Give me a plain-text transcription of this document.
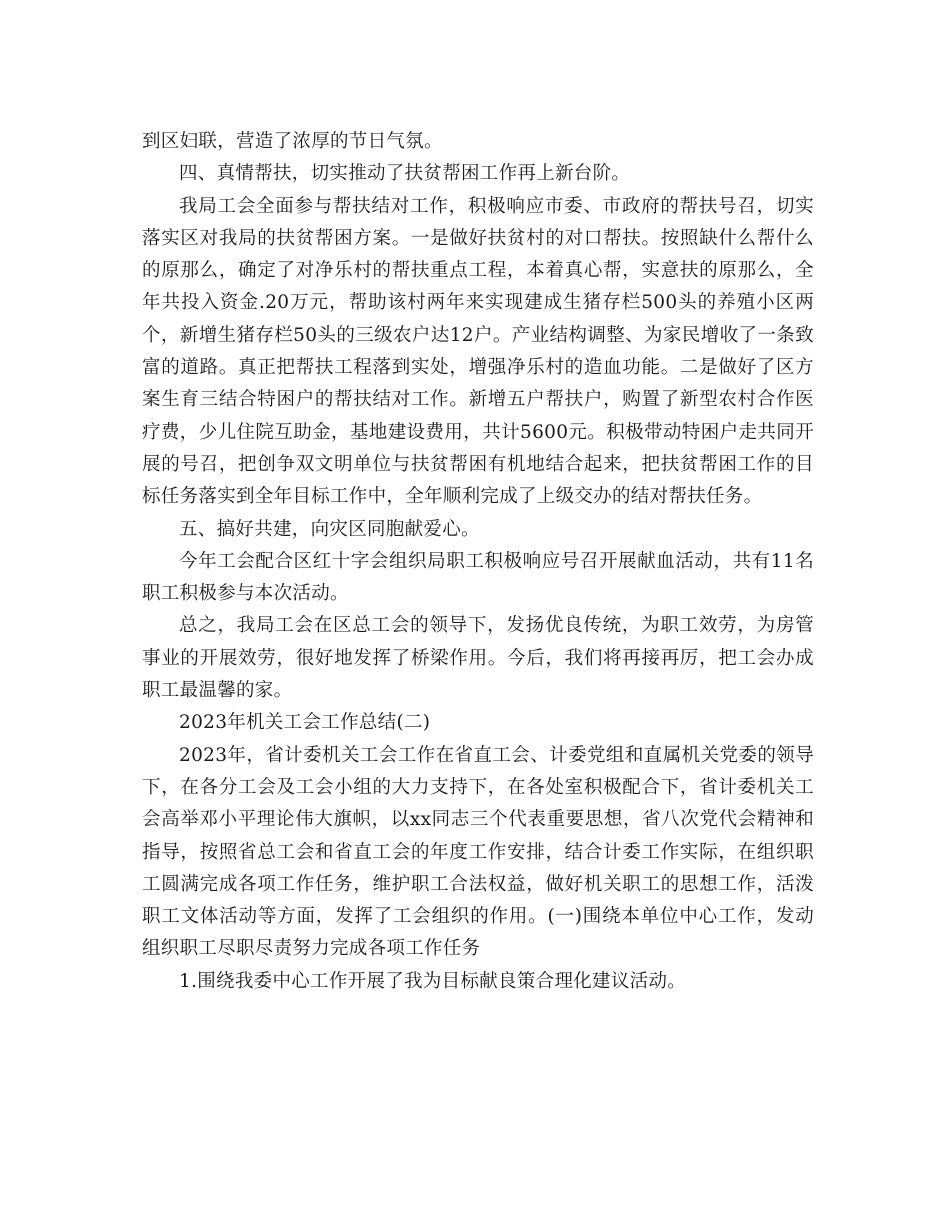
到区妇联，营造了浓厚的节日气氛。

四、真情帮扶，切实推动了扶贫帮困工作再上新台阶。

我局工会全面参与帮扶结对工作，积极响应市委、市政府的帮扶号召，切实落实区对我局的扶贫帮困方案。一是做好扶贫村的对口帮扶。按照缺什么帮什么的原那么，确定了对净乐村的帮扶重点工程，本着真心帮，实意扶的原那么，全年共投入资金.20万元，帮助该村两年来实现建成生猪存栏500头的养殖小区两个，新增生猪存栏50头的三级农户达12户。产业结构调整、为家民增收了一条致富的道路。真正把帮扶工程落到实处，增强净乐村的造血功能。二是做好了区方案生育三结合特困户的帮扶结对工作。新增五户帮扶户，购置了新型农村合作医疗费，少儿住院互助金，基地建设费用，共计5600元。积极带动特困户走共同开展的号召，把创争双文明单位与扶贫帮困有机地结合起来，把扶贫帮困工作的目标任务落实到全年目标工作中，全年顺利完成了上级交办的结对帮扶任务。

五、搞好共建，向灾区同胞献爱心。

今年工会配合区红十字会组织局职工积极响应号召开展献血活动，共有11名职工积极参与本次活动。

总之，我局工会在区总工会的领导下，发扬优良传统，为职工效劳，为房管事业的开展效劳，很好地发挥了桥梁作用。今后，我们将再接再厉，把工会办成职工最温馨的家。

2023年机关工会工作总结(二)

2023年，省计委机关工会工作在省直工会、计委党组和直属机关党委的领导下，在各分工会及工会小组的大力支持下，在各处室积极配合下，省计委机关工会高举邓小平理论伟大旗帜，以xx同志三个代表重要思想，省八次党代会精神和指导，按照省总工会和省直工会的年度工作安排，结合计委工作实际，在组织职工圆满完成各项工作任务，维护职工合法权益，做好机关职工的思想工作，活泼职工文体活动等方面，发挥了工会组织的作用。(一)围绕本单位中心工作，发动组织职工尽职尽责努力完成各项工作任务

1.围绕我委中心工作开展了我为目标献良策合理化建议活动。
